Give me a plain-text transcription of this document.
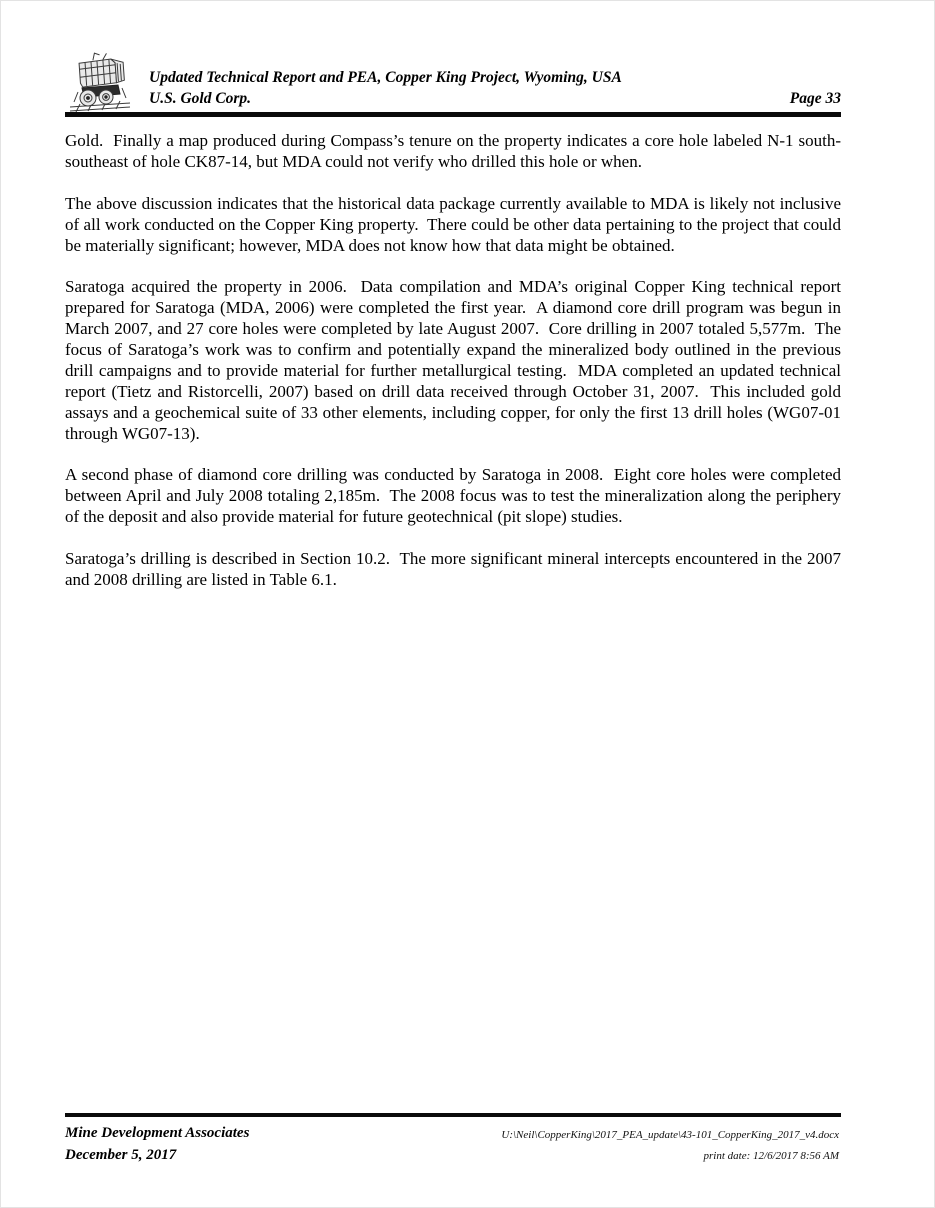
Updated Technical Report and PEA, Copper King Project, Wyoming, USA
U.S. Gold Corp.	Page 33

Gold.  Finally a map produced during Compass’s tenure on the property indicates a core hole labeled N-1 south-southeast of hole CK87-14, but MDA could not verify who drilled this hole or when.

The above discussion indicates that the historical data package currently available to MDA is likely not inclusive of all work conducted on the Copper King property.  There could be other data pertaining to the project that could be materially significant; however, MDA does not know how that data might be obtained.

Saratoga acquired the property in 2006.  Data compilation and MDA’s original Copper King technical report prepared for Saratoga (MDA, 2006) were completed the first year.  A diamond core drill program was begun in March 2007, and 27 core holes were completed by late August 2007.  Core drilling in 2007 totaled 5,577m.  The focus of Saratoga’s work was to confirm and potentially expand the mineralized body outlined in the previous drill campaigns and to provide material for further metallurgical testing.  MDA completed an updated technical report (Tietz and Ristorcelli, 2007) based on drill data received through October 31, 2007.  This included gold assays and a geochemical suite of 33 other elements, including copper, for only the first 13 drill holes (WG07-01 through WG07-13).

A second phase of diamond core drilling was conducted by Saratoga in 2008.  Eight core holes were completed between April and July 2008 totaling 2,185m.  The 2008 focus was to test the mineralization along the periphery of the deposit and also provide material for future geotechnical (pit slope) studies.

Saratoga’s drilling is described in Section 10.2.  The more significant mineral intercepts encountered in the 2007 and 2008 drilling are listed in Table 6.1.

Mine Development Associates
December 5, 2017
U:\Neil\CopperKing\2017_PEA_update\43-101_CopperKing_2017_v4.docx
print date: 12/6/2017 8:56 AM
